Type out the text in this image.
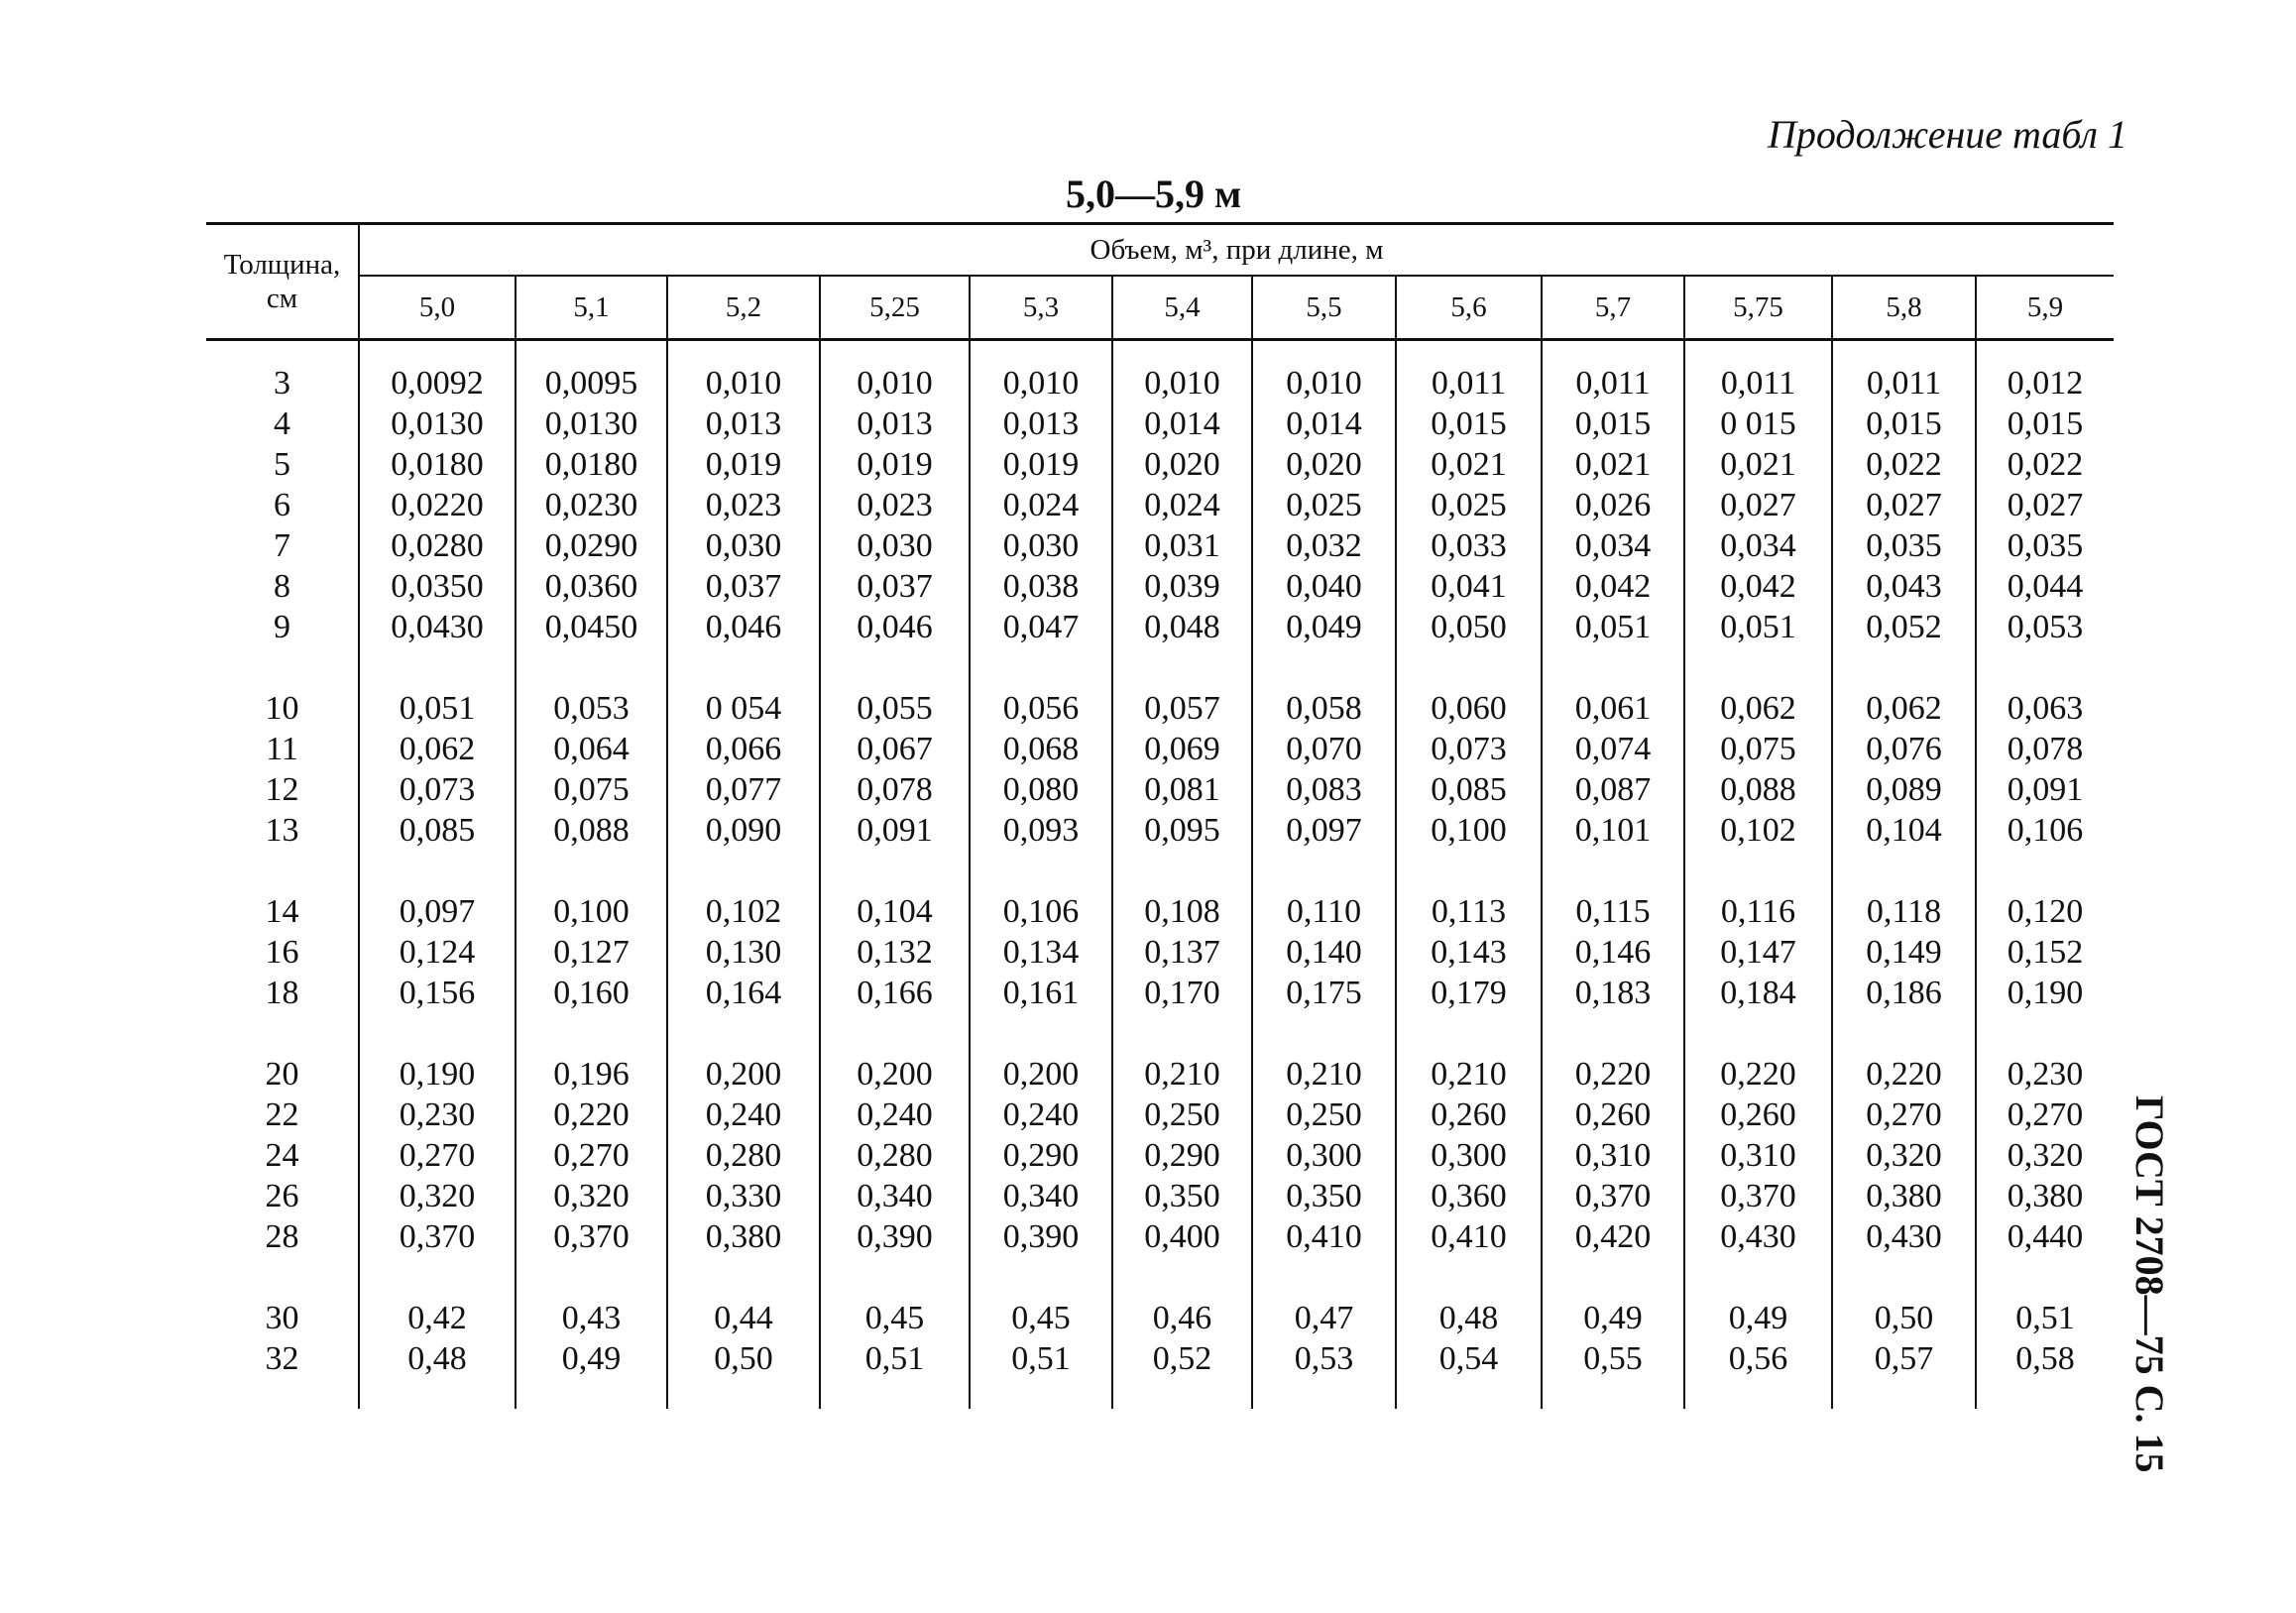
Продолжение табл 1
5,0—5,9 м
ГОСТ 2708—75 С. 15
Толщина, см	Объем, м³, при длине, м											
	5,0	5,1	5,2	5,25	5,3	5,4	5,5	5,6	5,7	5,75	5,8	5,9

3	0,0092	0,0095	0,010	0,010	0,010	0,010	0,010	0,011	0,011	0,011	0,011	0,012
4	0,0130	0,0130	0,013	0,013	0,013	0,014	0,014	0,015	0,015	0 015	0,015	0,015
5	0,0180	0,0180	0,019	0,019	0,019	0,020	0,020	0,021	0,021	0,021	0,022	0,022
6	0,0220	0,0230	0,023	0,023	0,024	0,024	0,025	0,025	0,026	0,027	0,027	0,027
7	0,0280	0,0290	0,030	0,030	0,030	0,031	0,032	0,033	0,034	0,034	0,035	0,035
8	0,0350	0,0360	0,037	0,037	0,038	0,039	0,040	0,041	0,042	0,042	0,043	0,044
9	0,0430	0,0450	0,046	0,046	0,047	0,048	0,049	0,050	0,051	0,051	0,052	0,053

10	0,051	0,053	0 054	0,055	0,056	0,057	0,058	0,060	0,061	0,062	0,062	0,063
11	0,062	0,064	0,066	0,067	0,068	0,069	0,070	0,073	0,074	0,075	0,076	0,078
12	0,073	0,075	0,077	0,078	0,080	0,081	0,083	0,085	0,087	0,088	0,089	0,091
13	0,085	0,088	0,090	0,091	0,093	0,095	0,097	0,100	0,101	0,102	0,104	0,106

14	0,097	0,100	0,102	0,104	0,106	0,108	0,110	0,113	0,115	0,116	0,118	0,120
16	0,124	0,127	0,130	0,132	0,134	0,137	0,140	0,143	0,146	0,147	0,149	0,152
18	0,156	0,160	0,164	0,166	0,161	0,170	0,175	0,179	0,183	0,184	0,186	0,190

20	0,190	0,196	0,200	0,200	0,200	0,210	0,210	0,210	0,220	0,220	0,220	0,230
22	0,230	0,220	0,240	0,240	0,240	0,250	0,250	0,260	0,260	0,260	0,270	0,270
24	0,270	0,270	0,280	0,280	0,290	0,290	0,300	0,300	0,310	0,310	0,320	0,320
26	0,320	0,320	0,330	0,340	0,340	0,350	0,350	0,360	0,370	0,370	0,380	0,380
28	0,370	0,370	0,380	0,390	0,390	0,400	0,410	0,410	0,420	0,430	0,430	0,440

30	0,42	0,43	0,44	0,45	0,45	0,46	0,47	0,48	0,49	0,49	0,50	0,51
32	0,48	0,49	0,50	0,51	0,51	0,52	0,53	0,54	0,55	0,56	0,57	0,58
